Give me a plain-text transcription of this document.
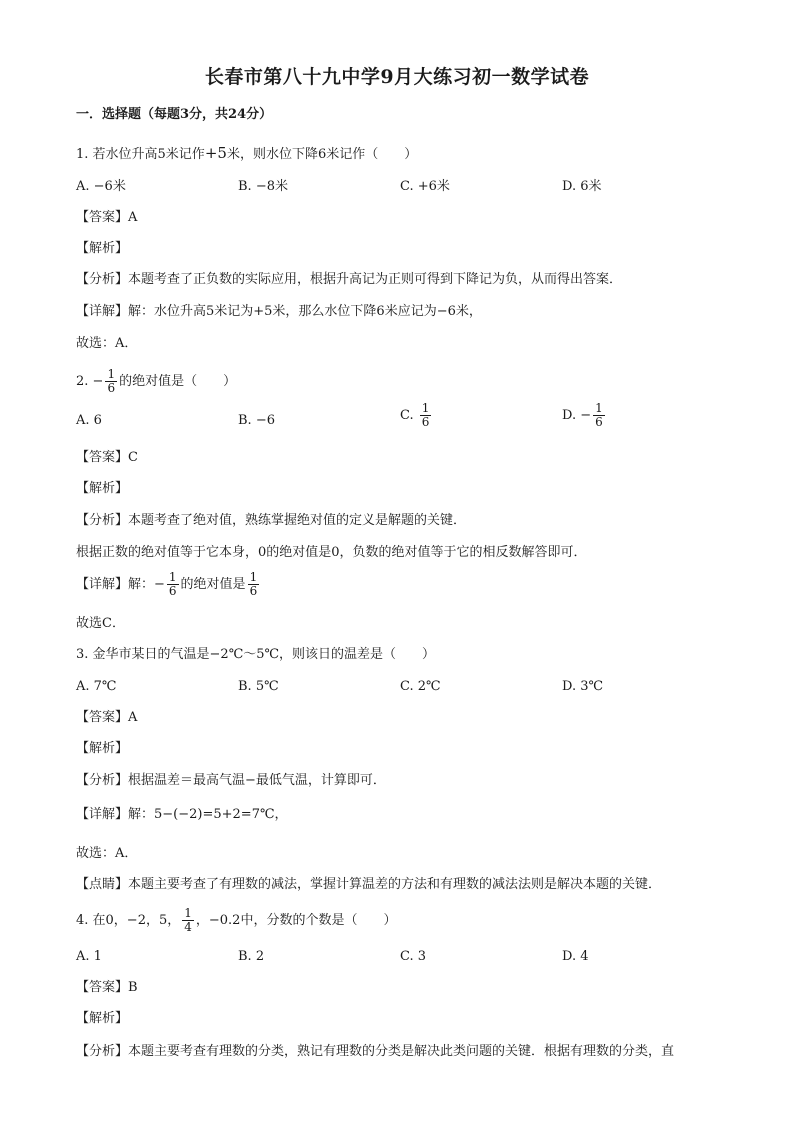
长春市第八十九中学9月大练习初一数学试卷
一．选择题（每题3分，共24分）
1. 若水位升高5米记作+5米，则水位下降6米记作（　　）
A. −6米	B. −8米	C. +6米	D. 6米
【答案】A
【解析】
【分析】本题考查了正负数的实际应用，根据升高记为正则可得到下降记为负，从而得出答案．
【详解】解：水位升高5米记为+5米，那么水位下降6米应记为−6米，
故选：A．
2. − $\frac{1}{6}$ 的绝对值是（　　）
A. 6	B. −6	C. $\frac{1}{6}$	D. − $\frac{1}{6}$
【答案】C
【解析】
【分析】本题考查了绝对值，熟练掌握绝对值的定义是解题的关键．
根据正数的绝对值等于它本身，0的绝对值是0，负数的绝对值等于它的相反数解答即可．
【详解】解：− $\frac{1}{6}$ 的绝对值是 $\frac{1}{6}$
故选C．
3. 金华市某日的气温是−2℃～5℃，则该日的温差是（　　）
A. 7℃	B. 5℃	C. 2℃	D. 3℃
【答案】A
【解析】
【分析】根据温差＝最高气温−最低气温，计算即可．
【详解】解：5−(−2)=5+2=7℃，
故选：A．
【点睛】本题主要考查了有理数的减法，掌握计算温差的方法和有理数的减法法则是解决本题的关键．
4. 在0，−2，5， $\frac{1}{4}$ ，−0.2中，分数的个数是（　　）
A. 1	B. 2	C. 3	D. 4
【答案】B
【解析】
【分析】本题主要考查有理数的分类，熟记有理数的分类是解决此类问题的关键．根据有理数的分类，直
